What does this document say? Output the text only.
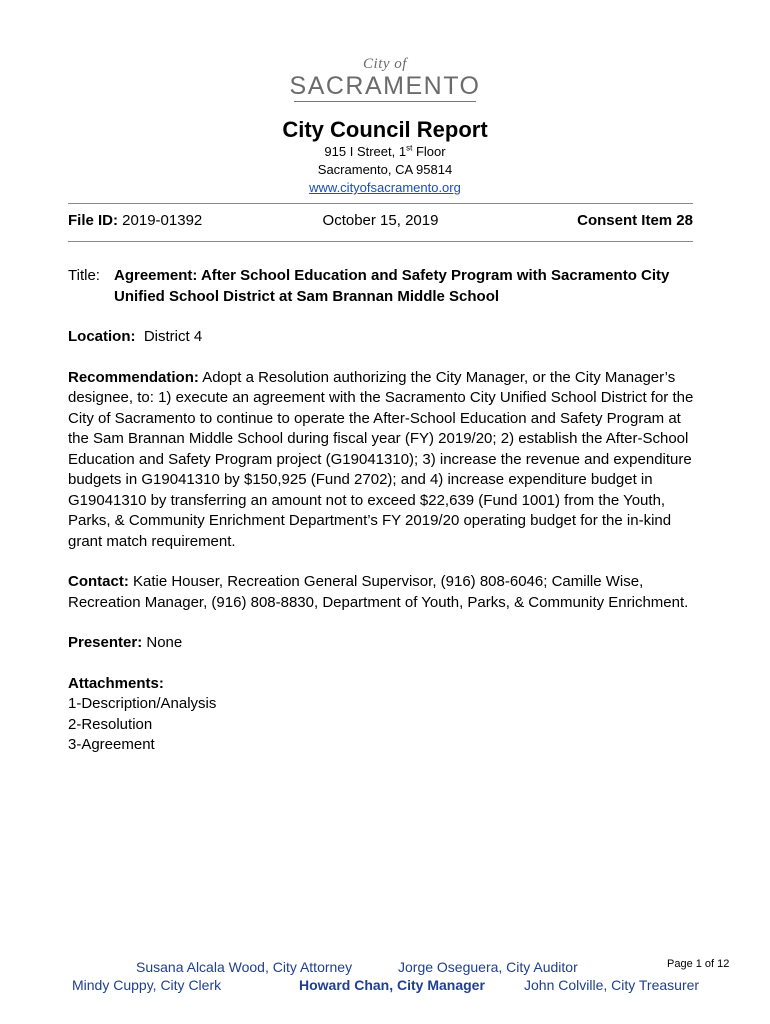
City of
SACRAMENTO
City Council Report
915 I Street, 1st Floor
Sacramento, CA 95814
www.cityofsacramento.org
File ID: 2019-01392	October 15, 2019	Consent Item 28
Title: Agreement: After School Education and Safety Program with Sacramento City
Unified School District at Sam Brannan Middle School
Location:  District 4
Recommendation: Adopt a Resolution authorizing the City Manager, or the City Manager’s
designee, to: 1) execute an agreement with the Sacramento City Unified School District for the
City of Sacramento to continue to operate the After-School Education and Safety Program at
the Sam Brannan Middle School during fiscal year (FY) 2019/20; 2) establish the After-School
Education and Safety Program project (G19041310); 3) increase the revenue and expenditure
budgets in G19041310 by $150,925 (Fund 2702); and 4) increase expenditure budget in
G19041310 by transferring an amount not to exceed $22,639 (Fund 1001) from the Youth,
Parks, & Community Enrichment Department’s FY 2019/20 operating budget for the in-kind
grant match requirement.
Contact: Katie Houser, Recreation General Supervisor, (916) 808-6046; Camille Wise,
Recreation Manager, (916) 808-8830, Department of Youth, Parks, & Community Enrichment.
Presenter: None
Attachments:
1-Description/Analysis
2-Resolution
3-Agreement
Susana Alcala Wood, City Attorney	Jorge Oseguera, City Auditor
Mindy Cuppy, City Clerk	Howard Chan, City Manager	John Colville, City Treasurer
Page 1 of 12
